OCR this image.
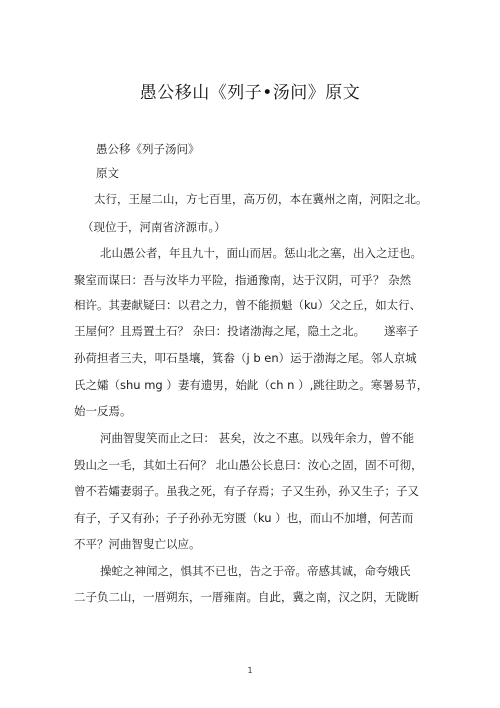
愚公移山《列子•汤问》原文
愚公移《列子汤问》
原文
太行，王屋二山，方七百里，高万仞，本在冀州之南，河阳之北。
（现位于，河南省济源市。）
北山愚公者，年且九十，面山而居。惩山北之塞，出入之迂也。
聚室而谋曰：吾与汝毕力平险，指通豫南，达于汉阴，可乎？ 杂然
相许。其妻献疑曰：以君之力，曾不能损魁（ku）父之丘，如太行、
王屋何？且焉置土石？ 杂曰：投诸渤海之尾，隐土之北。 遂率子
孙荷担者三夫，叩石垦壤，箕畚（j b en）运于渤海之尾。邻人京城
氏之孀（shu mg ）妻有遗男，始龀（ch n ）,跳往助之。寒暑易节，
始一反焉。
河曲智叟笑而止之曰： 甚矣，汝之不惠。以残年余力，曾不能
毁山之一毛，其如土石何？ 北山愚公长息曰：汝心之固，固不可彻，
曾不若孀妻弱子。虽我之死，有子存焉；子又生孙，孙又生子；子又
有子，子又有孙；子子孙孙无穷匮（ku ）也，而山不加增，何苦而
不平？河曲智叟亡以应。
操蛇之神闻之，惧其不已也，告之于帝。帝感其诚，命夸娥氏
二子负二山，一厝朔东，一厝雍南。自此，冀之南，汉之阴，无陇断
1
